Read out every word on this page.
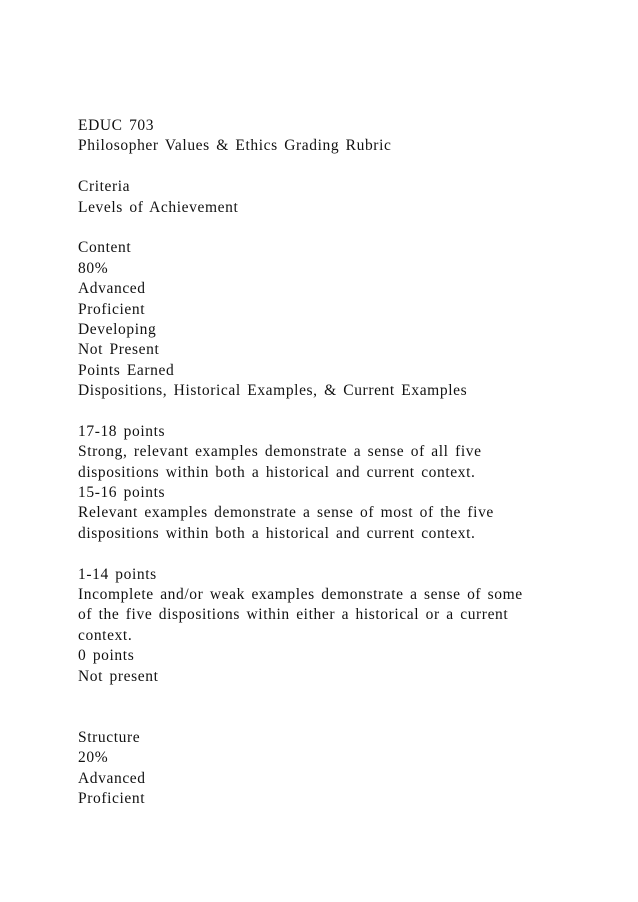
EDUC 703
Philosopher Values & Ethics Grading Rubric
Criteria
Levels of Achievement
Content
80%
Advanced
Proficient
Developing
Not Present
Points Earned
Dispositions, Historical Examples, & Current Examples
17-18 points
Strong, relevant examples demonstrate a sense of all five
dispositions within both a historical and current context.
15-16 points
Relevant examples demonstrate a sense of most of the five
dispositions within both a historical and current context.
1-14 points
Incomplete and/or weak examples demonstrate a sense of some
of the five dispositions within either a historical or a current
context.
0 points
Not present
Structure
20%
Advanced
Proficient
